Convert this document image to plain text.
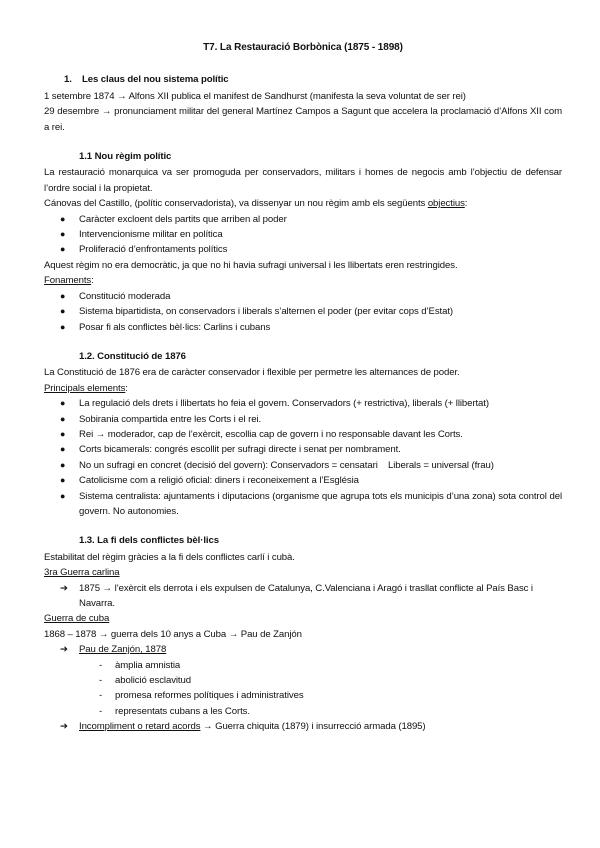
T7. La Restauració Borbònica (1875 - 1898)
1. Les claus del nou sistema polític

1 setembre 1874 → Alfons XII publica el manifest de Sandhurst (manifesta la seva voluntat de ser rei)

29 desembre → pronunciament militar del general Martínez Campos a Sagunt que accelera la proclamació d’Alfons XII com a rei.

1.1 Nou règim polític

La restauració monarquica va ser promoguda per conservadors, militars i homes de negocis amb l’objectiu de defensar l’ordre social i la propietat.

Cánovas del Castillo, (polític conservadorista), va dissenyar un nou règim amb els següents objectius:

● Caràcter excloent dels partits que arriben al poder
● Intervencionisme militar en política
● Proliferació d’enfrontaments polítics

Aquest règim no era democràtic, ja que no hi havia sufragi universal i les llibertats eren restringides.

Fonaments:

● Constitució moderada
● Sistema bipartidista, on conservadors i liberals s’alternen el poder (per evitar cops d’Estat)
● Posar fi als conflictes bèl·lics: Carlins i cubans
1.2. Constitució de 1876

La Constitució de 1876 era de caràcter conservador i flexible per permetre les alternances de poder.

Principals elements:

● La regulació dels drets i llibertats ho feia el govern. Conservadors (+ restrictiva), liberals (+ llibertat)
● Sobirania compartida entre les Corts i el rei.
● Rei → moderador, cap de l’exèrcit, escollia cap de govern i no responsable davant les Corts.
● Corts bicamerals: congrés escollit per sufragi directe i senat per nombrament.
● No un sufragi en concret (decisió del govern): Conservadors = censatari    Liberals = universal (frau)
● Catolicisme com a religió oficial: diners i reconeixement a l’Església
● Sistema centralista: ajuntaments i diputacions (organisme que agrupa tots els municipis d’una zona) sota control del govern. No autonomies.
1.3. La fi dels conflictes bèl·lics

Estabilitat del règim gràcies a la fi dels conflictes carlí i cubà.

3ra Guerra carlina

➔ 1875 → l’exèrcit els derrota i els expulsen de Catalunya, C.Valenciana i Aragó i trasllat conflicte al País Basc i Navarra.

Guerra de cuba

1868 – 1878 → guerra dels 10 anys a Cuba → Pau de Zanjón

➔ Pau de Zanjón, 1878
- àmplia amnistia
- abolició esclavitud
- promesa reformes polítiques i administratives
- representats cubans a les Corts.
➔ Incompliment o retard acords → Guerra chiquita (1879) i insurrecció armada (1895)
